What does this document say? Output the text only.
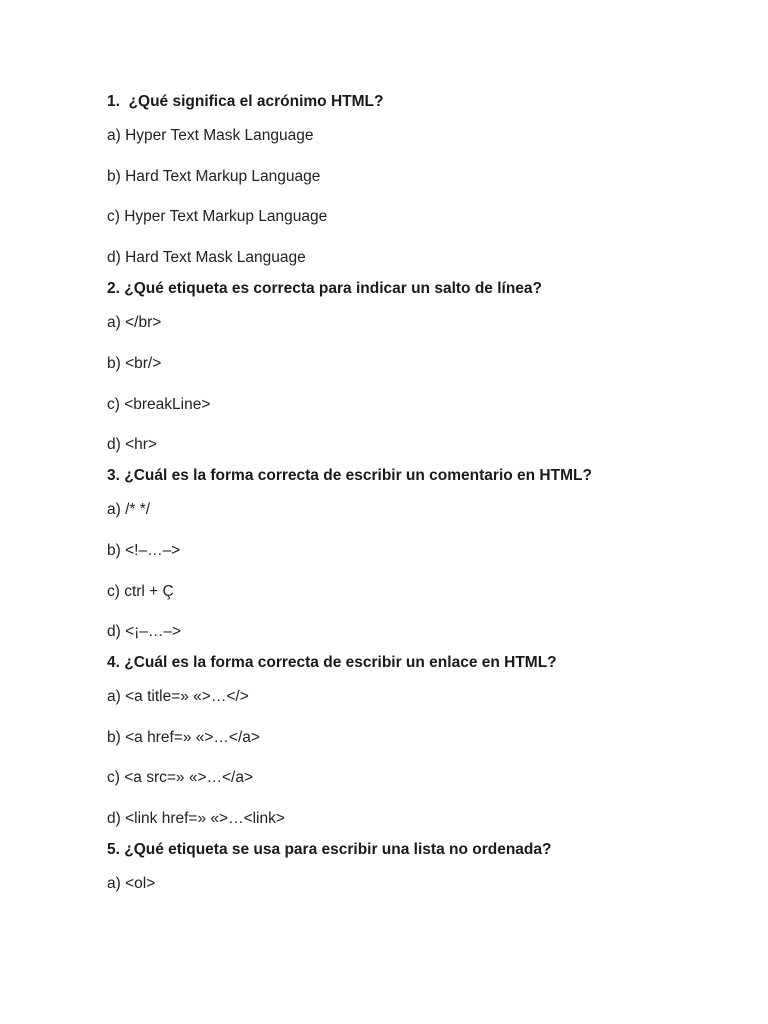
1.  ¿Qué significa el acrónimo HTML?
a) Hyper Text Mask Language
b) Hard Text Markup Language
c) Hyper Text Markup Language
d) Hard Text Mask Language
2. ¿Qué etiqueta es correcta para indicar un salto de línea?
a) </br>
b) <br/>
c) <breakLine>
d) <hr>
3. ¿Cuál es la forma correcta de escribir un comentario en HTML?
a) /* */
b) <!–…–>
c) ctrl + Ç
d) <¡–…–>
4. ¿Cuál es la forma correcta de escribir un enlace en HTML?
a) <a title=» «>…</>
b) <a href=» «>…</a>
c) <a src=» «>…</a>
d) <link href=» «>…<link>
5. ¿Qué etiqueta se usa para escribir una lista no ordenada?
a) <ol>
